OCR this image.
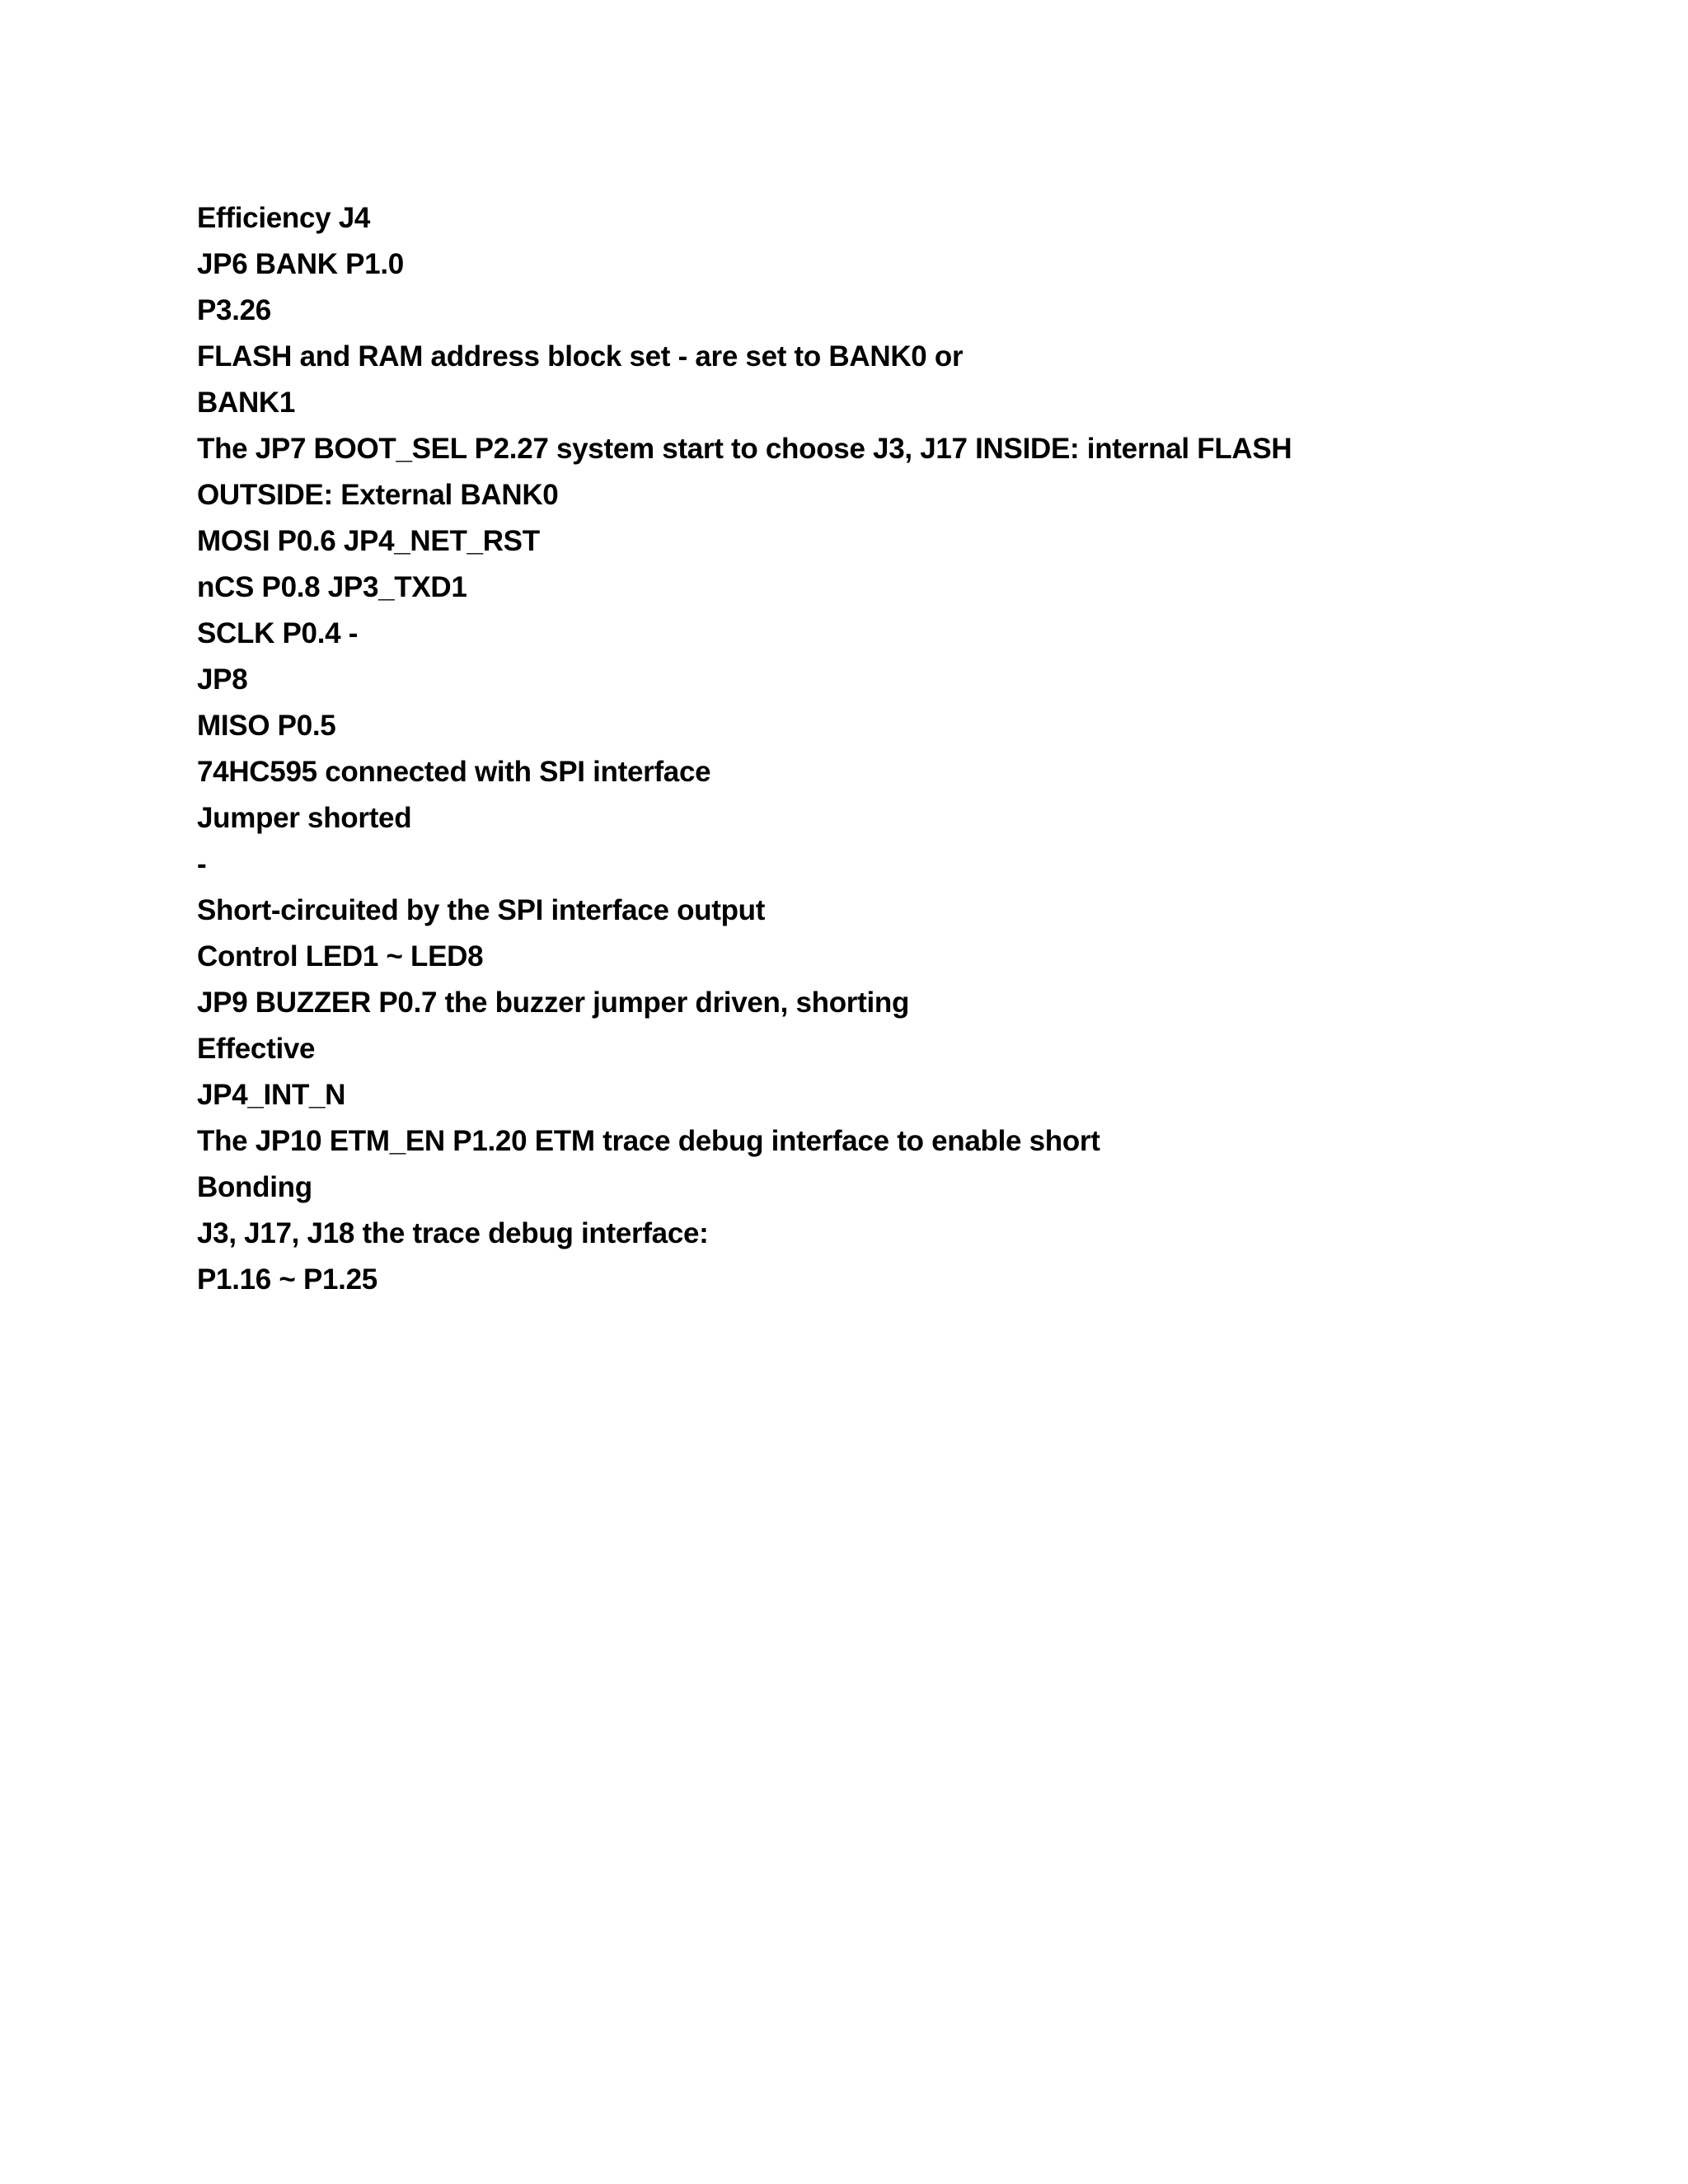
Efficiency J4
JP6 BANK P1.0
P3.26
FLASH and RAM address block set - are set to BANK0 or
BANK1
The JP7 BOOT_SEL P2.27 system start to choose J3, J17 INSIDE: internal FLASH
OUTSIDE: External BANK0
MOSI P0.6 JP4_NET_RST
nCS P0.8 JP3_TXD1
SCLK P0.4 -
JP8
MISO P0.5
74HC595 connected with SPI interface
Jumper shorted
-
Short-circuited by the SPI interface output
Control LED1 ~ LED8
JP9 BUZZER P0.7 the buzzer jumper driven, shorting
Effective
JP4_INT_N
The JP10 ETM_EN P1.20 ETM trace debug interface to enable short
Bonding
J3, J17, J18 the trace debug interface:
P1.16 ~ P1.25
